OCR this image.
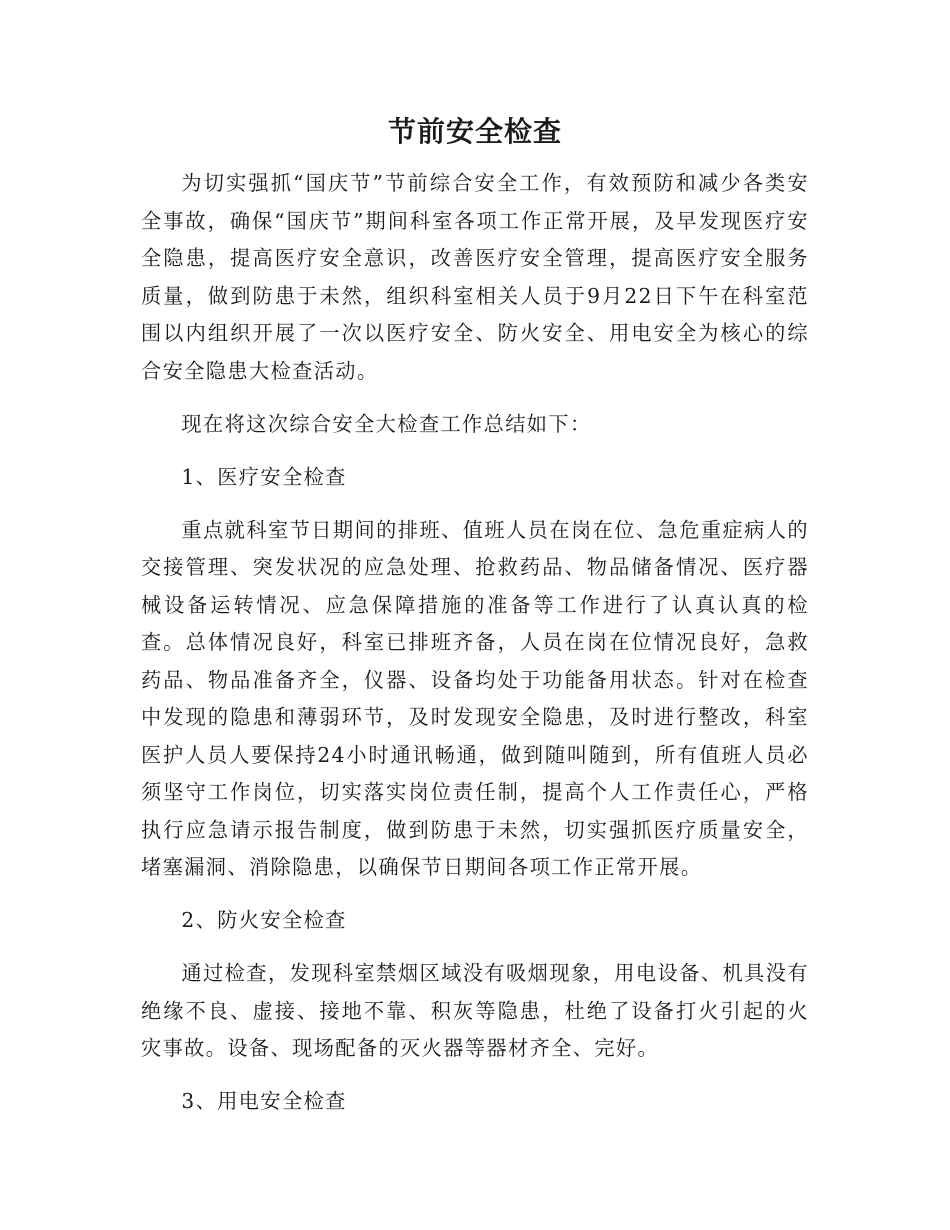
节前安全检查

为切实强抓“国庆节”节前综合安全工作，有效预防和减少各类安全事故，确保“国庆节”期间科室各项工作正常开展，及早发现医疗安全隐患，提高医疗安全意识，改善医疗安全管理，提高医疗安全服务质量，做到防患于未然，组织科室相关人员于9月22日下午在科室范围以内组织开展了一次以医疗安全、防火安全、用电安全为核心的综合安全隐患大检查活动。

现在将这次综合安全大检查工作总结如下：

1、医疗安全检查

重点就科室节日期间的排班、值班人员在岗在位、急危重症病人的交接管理、突发状况的应急处理、抢救药品、物品储备情况、医疗器械设备运转情况、应急保障措施的准备等工作进行了认真认真的检查。总体情况良好，科室已排班齐备，人员在岗在位情况良好，急救药品、物品准备齐全，仪器、设备均处于功能备用状态。针对在检查中发现的隐患和薄弱环节，及时发现安全隐患，及时进行整改，科室医护人员人要保持24小时通讯畅通，做到随叫随到，所有值班人员必须坚守工作岗位，切实落实岗位责任制，提高个人工作责任心，严格执行应急请示报告制度，做到防患于未然，切实强抓医疗质量安全，堵塞漏洞、消除隐患，以确保节日期间各项工作正常开展。

2、防火安全检查

通过检查，发现科室禁烟区域没有吸烟现象，用电设备、机具没有绝缘不良、虚接、接地不靠、积灰等隐患，杜绝了设备打火引起的火灾事故。设备、现场配备的灭火器等器材齐全、完好。

3、用电安全检查
